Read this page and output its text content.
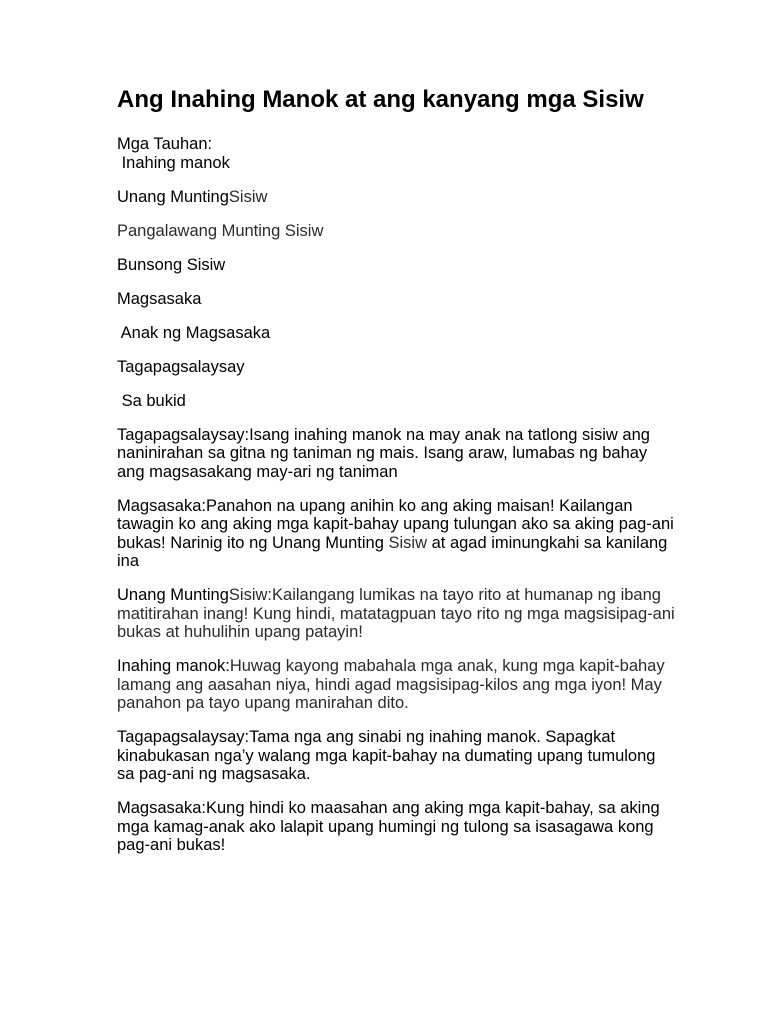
Ang Inahing Manok at ang kanyang mga Sisiw
Mga Tauhan:
Inahing manok
Unang MuntingSisiw
Pangalawang Munting Sisiw
Bunsong Sisiw
Magsasaka
Anak ng Magsasaka
Tagapagsalaysay
Sa bukid
Tagapagsalaysay:Isang inahing manok na may anak na tatlong sisiw ang naninirahan sa gitna ng taniman ng mais. Isang araw, lumabas ng bahay ang magsasakang may-ari ng taniman
Magsasaka:Panahon na upang anihin ko ang aking maisan! Kailangan tawagin ko ang aking mga kapit-bahay upang tulungan ako sa aking pag-ani bukas! Narinig ito ng Unang Munting Sisiw at agad iminungkahi sa kanilang ina
Unang MuntingSisiw:Kailangang lumikas na tayo rito at humanap ng ibang matitirahan inang! Kung hindi, matatagpuan tayo rito ng mga magsisipag-ani bukas at huhulihin upang patayin!
Inahing manok:Huwag kayong mabahala mga anak, kung mga kapit-bahay lamang ang aasahan niya, hindi agad magsisipag-kilos ang mga iyon! May panahon pa tayo upang manirahan dito.
Tagapagsalaysay:Tama nga ang sinabi ng inahing manok. Sapagkat kinabukasan nga’y walang mga kapit-bahay na dumating upang tumulong sa pag-ani ng magsasaka.
Magsasaka:Kung hindi ko maasahan ang aking mga kapit-bahay, sa aking mga kamag-anak ako lalapit upang humingi ng tulong sa isasagawa kong pag-ani bukas!
